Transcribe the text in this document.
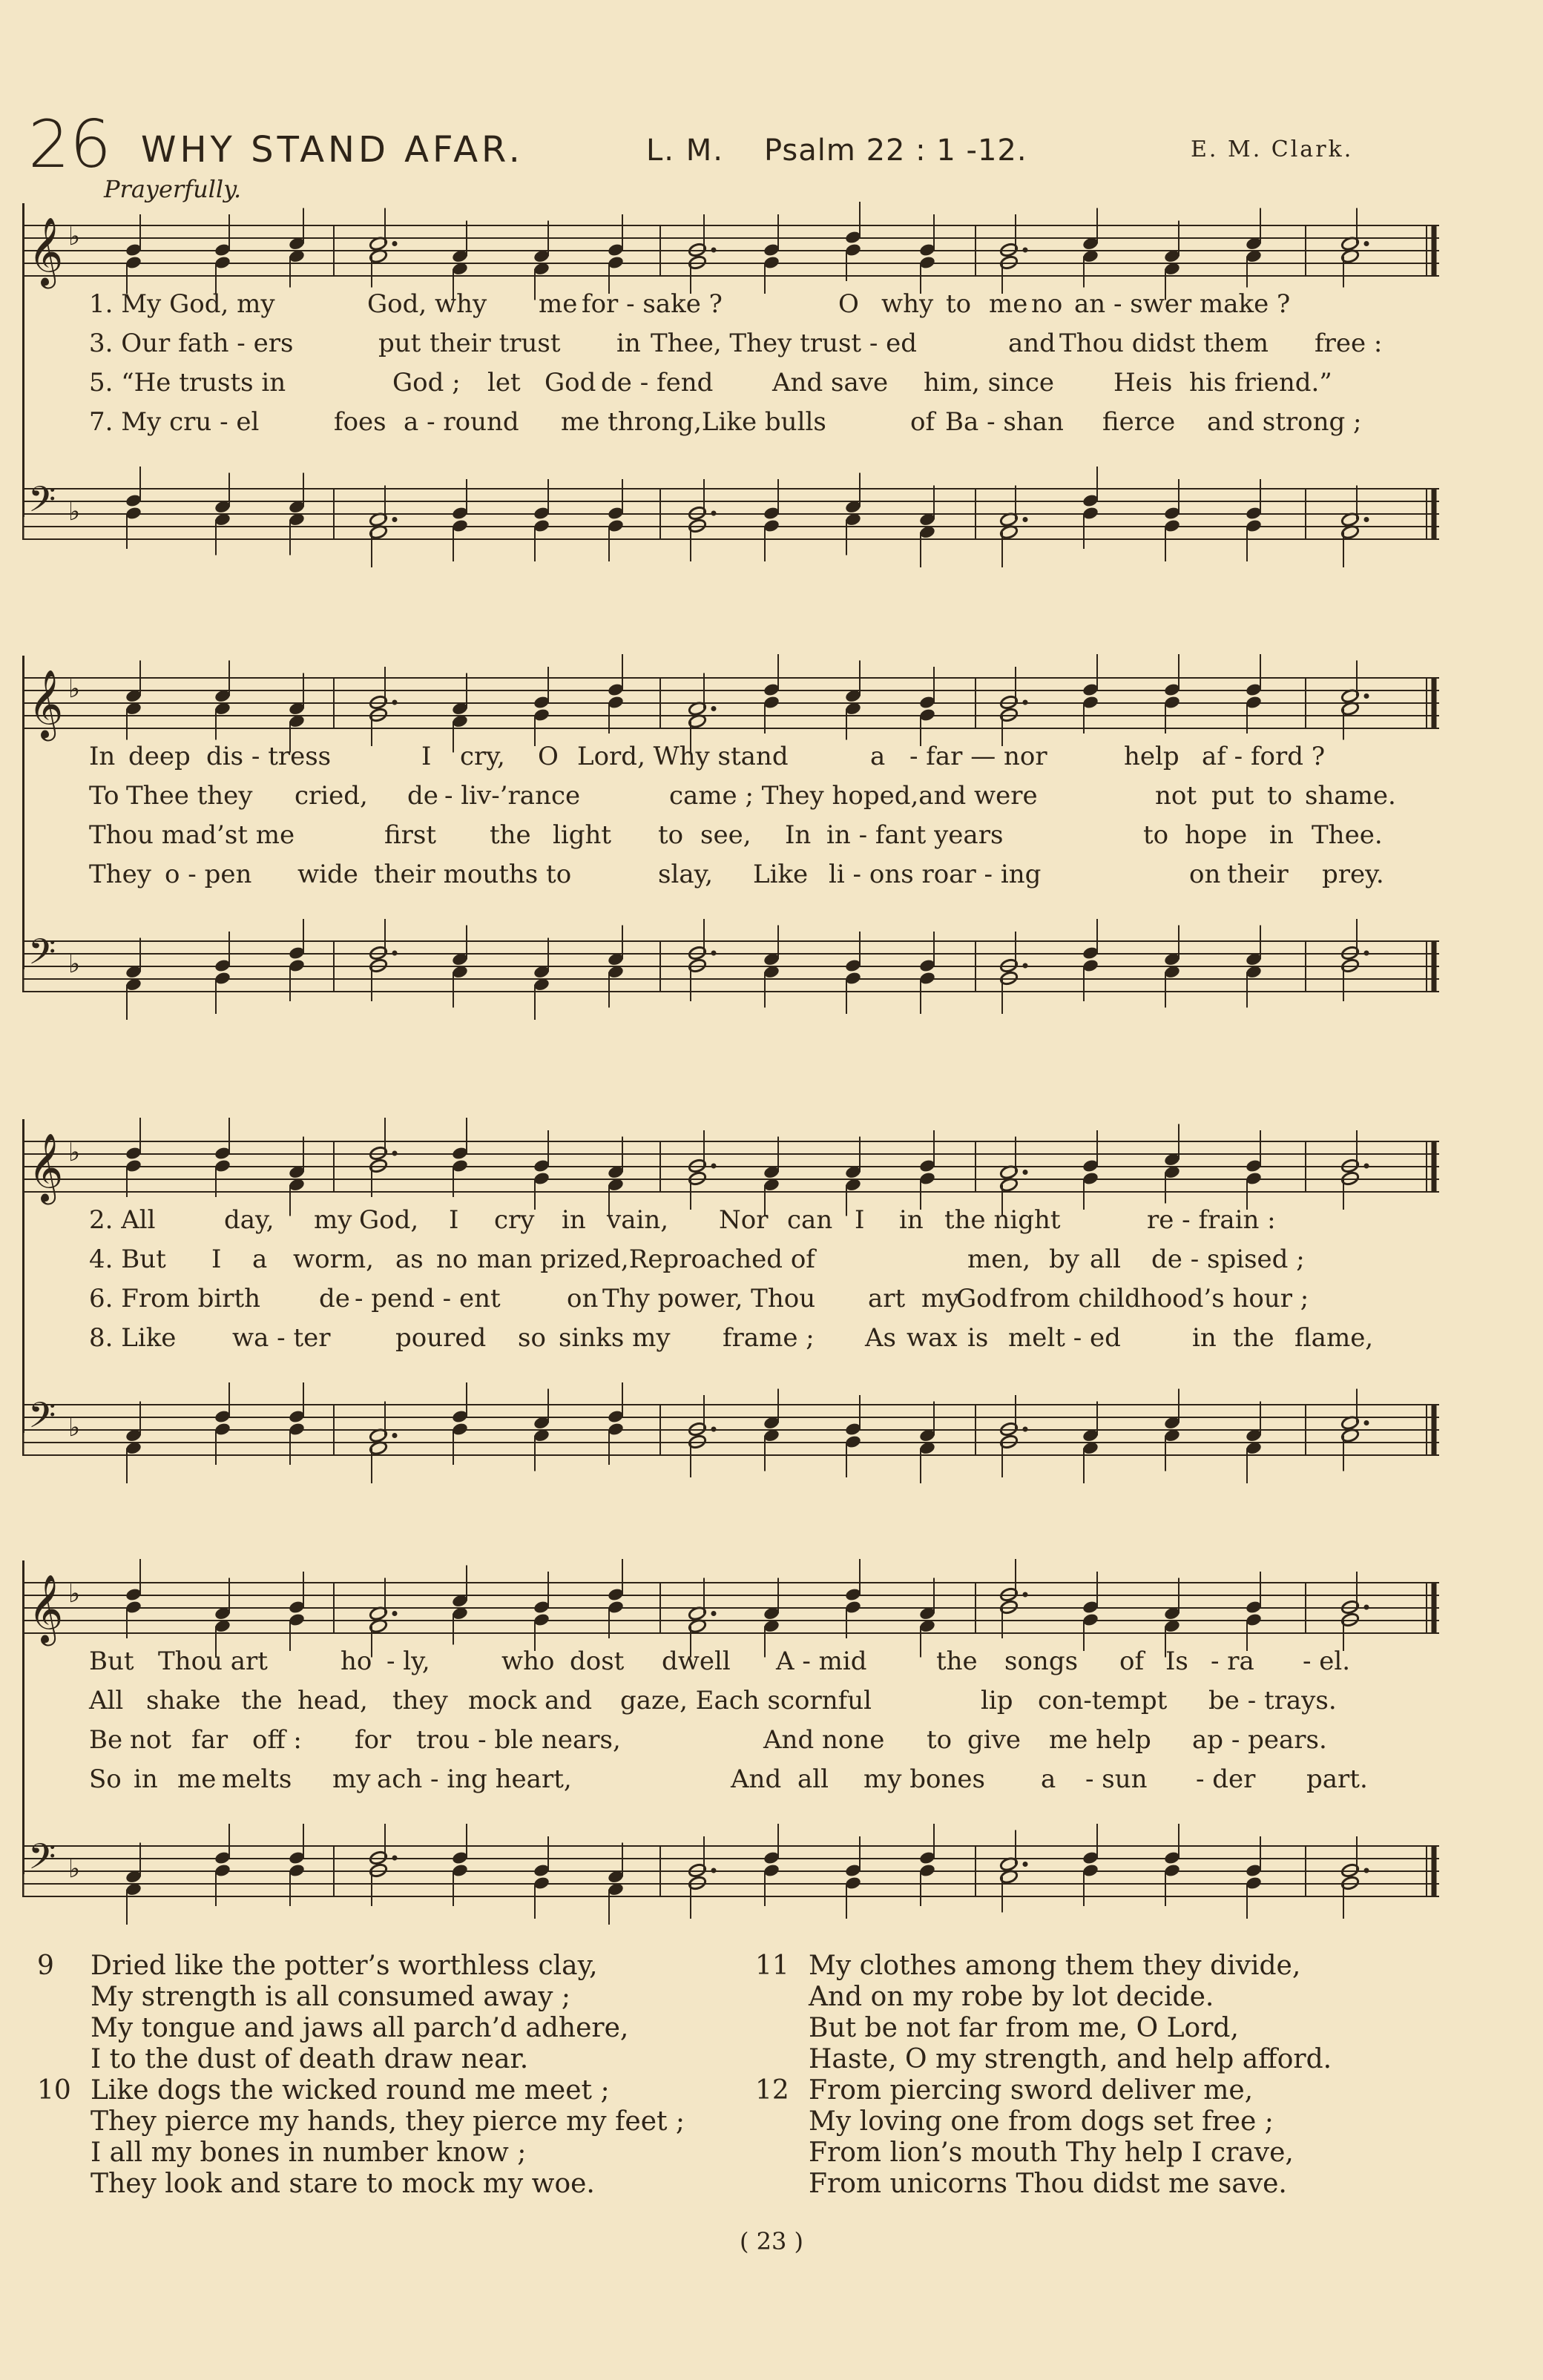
26 WHY STAND AFAR.	L. M. Psalm 22 : 1 -12.	E. M. Clark.
Prayerfully.
𝄞 ♭
1. My God, my	God, why me for - sake ?	O why to me no an - swer make ?
3. Our fath - ers	put their trust in Thee, They trust - ed	and Thou didst them free :
5. “He trusts in	God ; let God de - fend And save him, since He is his friend.”
7. My cru - el	foes a - round me throng,Like bulls	of Ba - shan fierce and strong ;
𝄢 ♭
𝄞 ♭
In deep dis - tress	I cry, O Lord, Why stand	a - far — nor	help af - ford ?
To Thee they cried, de - liv-’rance	came ; They hoped,and were	not put to shame.
Thou mad’st me	first the light to see, In in - fant years	to hope in Thee.
They o - pen wide their mouths to	slay, Like li - ons roar - ing	on their prey.
𝄢 ♭
𝄞 ♭
2. All	day, my God, I cry in vain, Nor can I in the night	re - frain :
4. But I a worm, as no man prized,Reproached of	men, by all de - spised ;
6. From birth de - pend - ent	on Thy power, Thou art my
God from childhood’s hour ;
8. Like wa - ter	poured so sinks my frame ; As wax is melt - ed	in the flame,
𝄢 ♭
𝄞 ♭
But Thou art	ho - ly,	who dost dwell A - mid	the songs of Is - ra - el.
All shake the head, they mock and gaze, Each scornful	lip con-tempt be - trays.
Be not far off : for trou - ble nears,	And none to give me help ap - pears.
So in me melts my ach - ing heart,	And all my bones a - sun - der part.
𝄢 ♭
9	Dried like the potter’s worthless clay,
My strength is all consumed away ;
My tongue and jaws all parch’d adhere,
I to the dust of death draw near.
10 Like dogs the wicked round me meet ;
They pierce my hands, they pierce my feet ;
I all my bones in number know ;
They look and stare to mock my woe.
11 My clothes among them they divide,
And on my robe by lot decide.
But be not far from me, O Lord,
Haste, O my strength, and help afford.
12 From piercing sword deliver me,
My loving one from dogs set free ;
From lion’s mouth Thy help I crave,
From unicorns Thou didst me save.
( 23 )
